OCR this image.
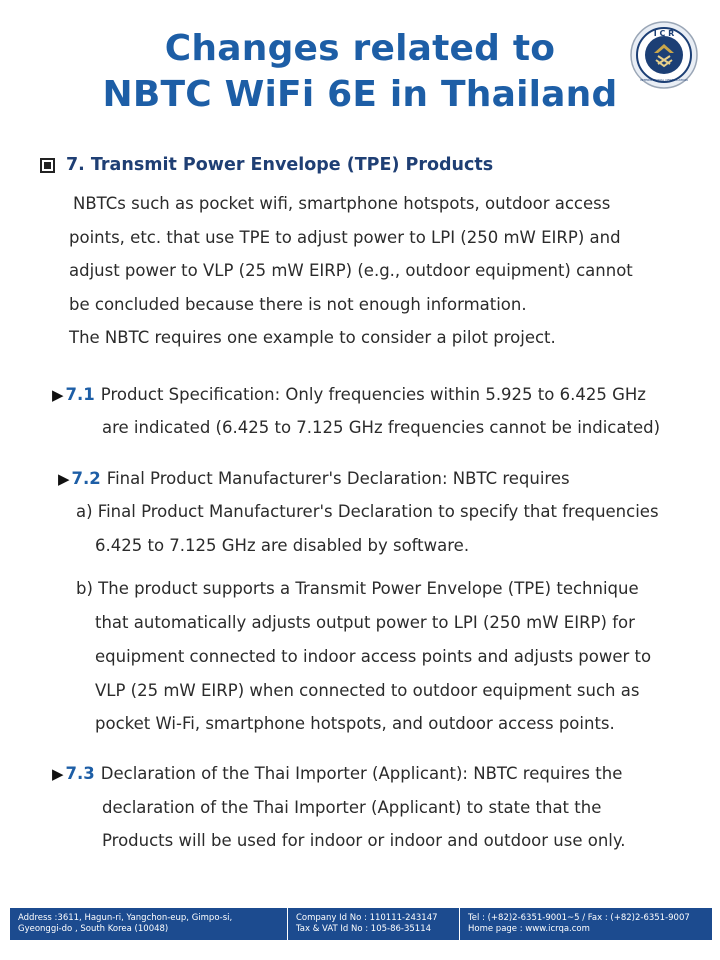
Changes related to
NBTC WiFi 6E in Thailand
I C R
INTERNATIONAL CERTIFICATION
7. Transmit Power Envelope (TPE) Products
NBTCs such as pocket wifi, smartphone hotspots, outdoor access
points, etc. that use TPE to adjust power to LPI (250 mW EIRP) and
adjust power to VLP (25 mW EIRP) (e.g., outdoor equipment) cannot
be concluded because there is not enough information.
The NBTC requires one example to consider a pilot project.
▶ 7.1 Product Specification: Only frequencies within 5.925 to 6.425 GHz
are indicated (6.425 to 7.125 GHz frequencies cannot be indicated)
▶ 7.2 Final Product Manufacturer's Declaration: NBTC requires
a) Final Product Manufacturer's Declaration to specify that frequencies
6.425 to 7.125 GHz are disabled by software.
b) The product supports a Transmit Power Envelope (TPE) technique
that automatically adjusts output power to LPI (250 mW EIRP) for
equipment connected to indoor access points and adjusts power to
VLP (25 mW EIRP) when connected to outdoor equipment such as
pocket Wi-Fi, smartphone hotspots, and outdoor access points.
▶ 7.3 Declaration of the Thai Importer (Applicant): NBTC requires the
declaration of the Thai Importer (Applicant) to state that the
Products will be used for indoor or indoor and outdoor use only.
Address :3611, Hagun-ri, Yangchon-eup, Gimpo-si,
Gyeonggi-do , South Korea (10048)
Company Id No : 110111-243147
Tax & VAT Id No : 105-86-35114
Tel : (+82)2-6351-9001~5 / Fax : (+82)2-6351-9007
Home page : www.icrqa.com
